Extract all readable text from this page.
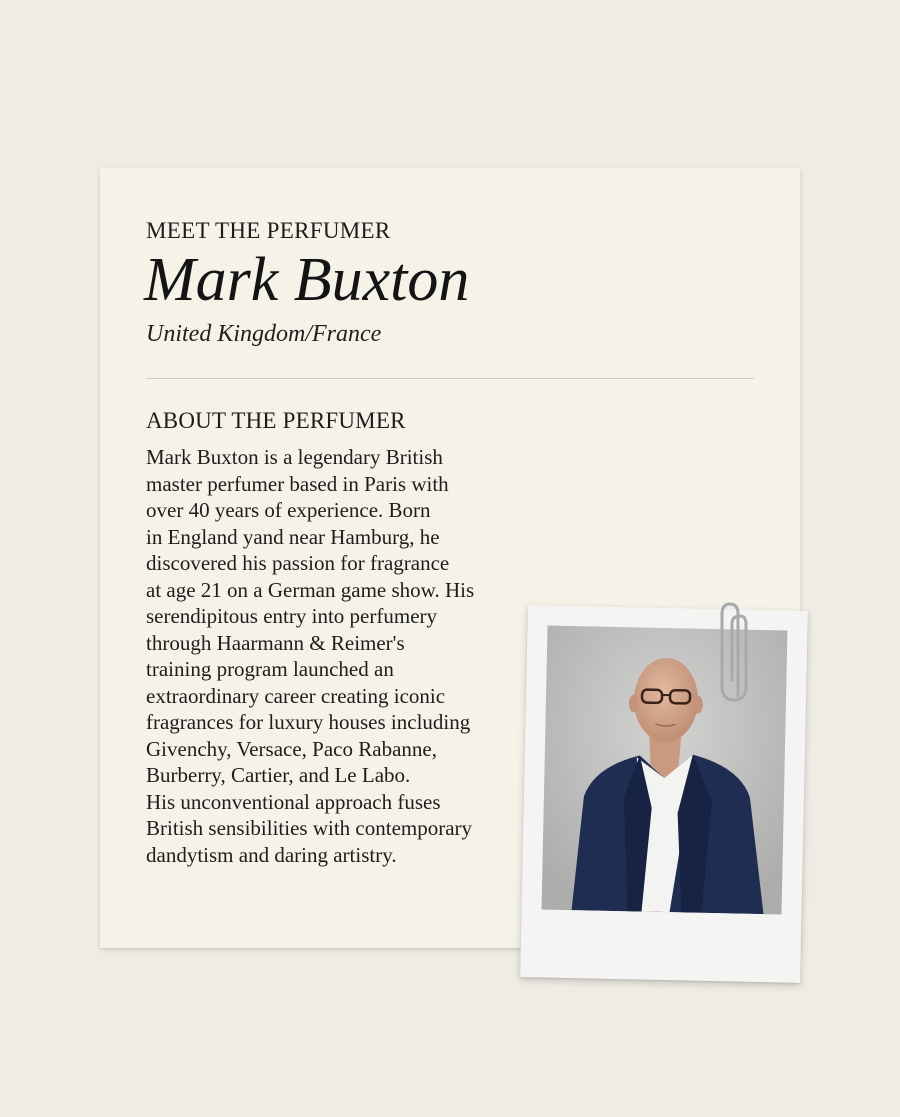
MEET THE PERFUMER
Mark Buxton
United Kingdom/France
ABOUT THE PERFUMER
Mark Buxton is a legendary British
master perfumer based in Paris with
over 40 years of experience. Born
in England yand near Hamburg, he
discovered his passion for fragrance
at age 21 on a German game show. His
serendipitous entry into perfumery
through Haarmann & Reimer's
training program launched an
extraordinary career creating iconic
fragrances for luxury houses including
Givenchy, Versace, Paco Rabanne,
Burberry, Cartier, and Le Labo.
His unconventional approach fuses
British sensibilities with contemporary
dandytism and daring artistry.
